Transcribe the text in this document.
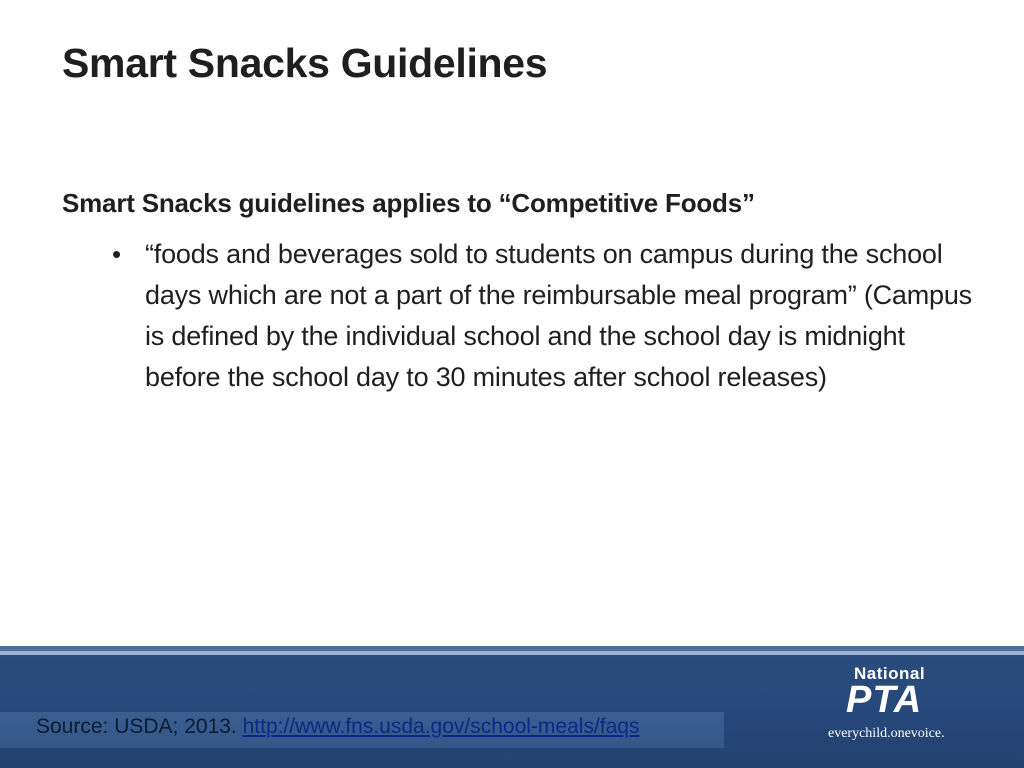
Smart Snacks Guidelines
Smart Snacks guidelines applies to “Competitive Foods”
• “foods and beverages sold to students on campus during the school days which are not a part of the reimbursable meal program” (Campus is defined by the individual school and the school day is midnight before the school day to 30 minutes after school releases)
Source: USDA; 2013. http://www.fns.usda.gov/school-meals/faqs
National
PTA
everychild.onevoice.
